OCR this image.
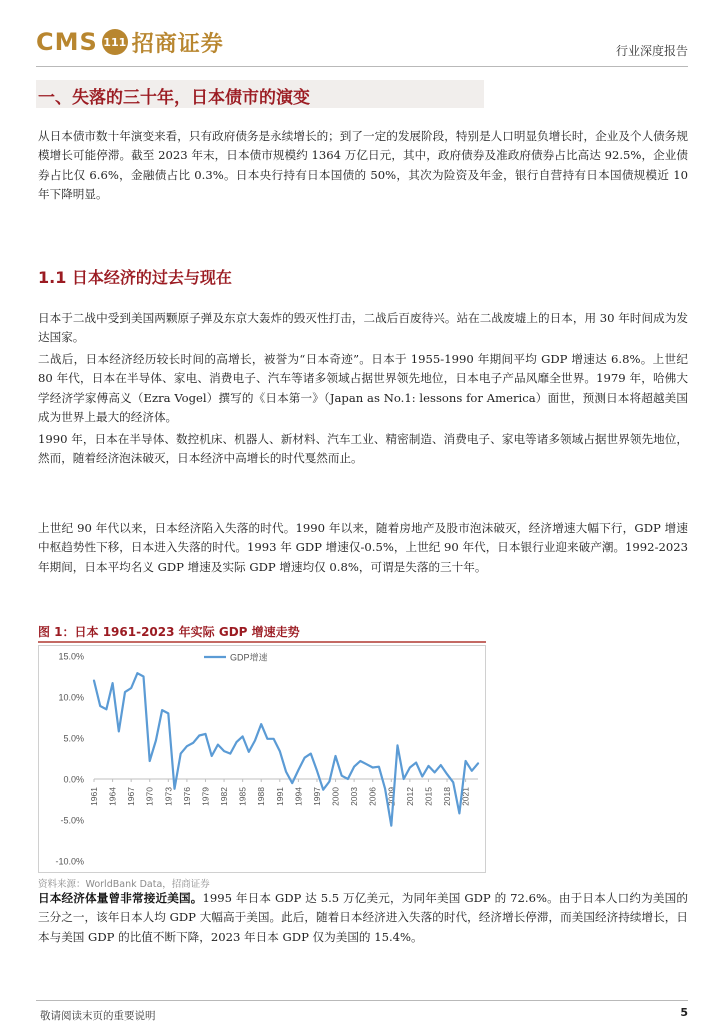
CMS 111 招商证券	行业深度报告
一、失落的三十年，日本债市的演变

从日本债市数十年演变来看，只有政府债务是永续增长的；到了一定的发展阶段，特别是人口明显负增长时，企业及个人债务规模增长可能停滞。截至 2023 年末，日本债市规模约 1364 万亿日元，其中，政府债券及准政府债券占比高达 92.5%，企业债券占比仅 6.6%，金融债占比 0.3%。日本央行持有日本国债的 50%，其次为险资及年金，银行自营持有日本国债规模近 10 年下降明显。

1.1 日本经济的过去与现在

日本于二战中受到美国两颗原子弹及东京大轰炸的毁灭性打击，二战后百废待兴。站在二战废墟上的日本，用 30 年时间成为发达国家。

二战后，日本经济经历较长时间的高增长，被誉为“日本奇迹”。日本于 1955-1990 年期间平均 GDP 增速达 6.8%。上世纪 80 年代，日本在半导体、家电、消费电子、汽车等诸多领域占据世界领先地位，日本电子产品风靡全世界。1979 年，哈佛大学经济学家傅高义（Ezra Vogel）撰写的《日本第一》（Japan as No.1: lessons for America）面世，预测日本将超越美国成为世界上最大的经济体。

1990 年，日本在半导体、数控机床、机器人、新材料、汽车工业、精密制造、消费电子、家电等诸多领域占据世界领先地位，然而，随着经济泡沫破灭，日本经济中高增长的时代戛然而止。

上世纪 90 年代以来，日本经济陷入失落的时代。1990 年以来，随着房地产及股市泡沫破灭，经济增速大幅下行，GDP 增速中枢趋势性下移，日本进入失落的时代。1993 年 GDP 增速仅-0.5%，上世纪 90 年代，日本银行业迎来破产潮。1992-2023 年期间，日本平均名义 GDP 增速及实际 GDP 增速均仅 0.8%，可谓是失落的三十年。

图 1：日本 1961-2023 年实际 GDP 增速走势
15.0%
10.0%
5.0%
0.0%
-5.0%
-10.0%
1961 1964 1967 1970 1973 1976 1979 1982 1985 1988 1991 1994 1997 2000 2003 2006 2009 2012 2015 2018 2021
GDP增速
资料来源：WorldBank Data，招商证券

日本经济体量曾非常接近美国。1995 年日本 GDP 达 5.5 万亿美元，为同年美国 GDP 的 72.6%。由于日本人口约为美国的三分之一，该年日本人均 GDP 大幅高于美国。此后，随着日本经济进入失落的时代，经济增长停滞，而美国经济持续增长，日本与美国 GDP 的比值不断下降，2023 年日本 GDP 仅为美国的 15.4%。

敬请阅读末页的重要说明	5
